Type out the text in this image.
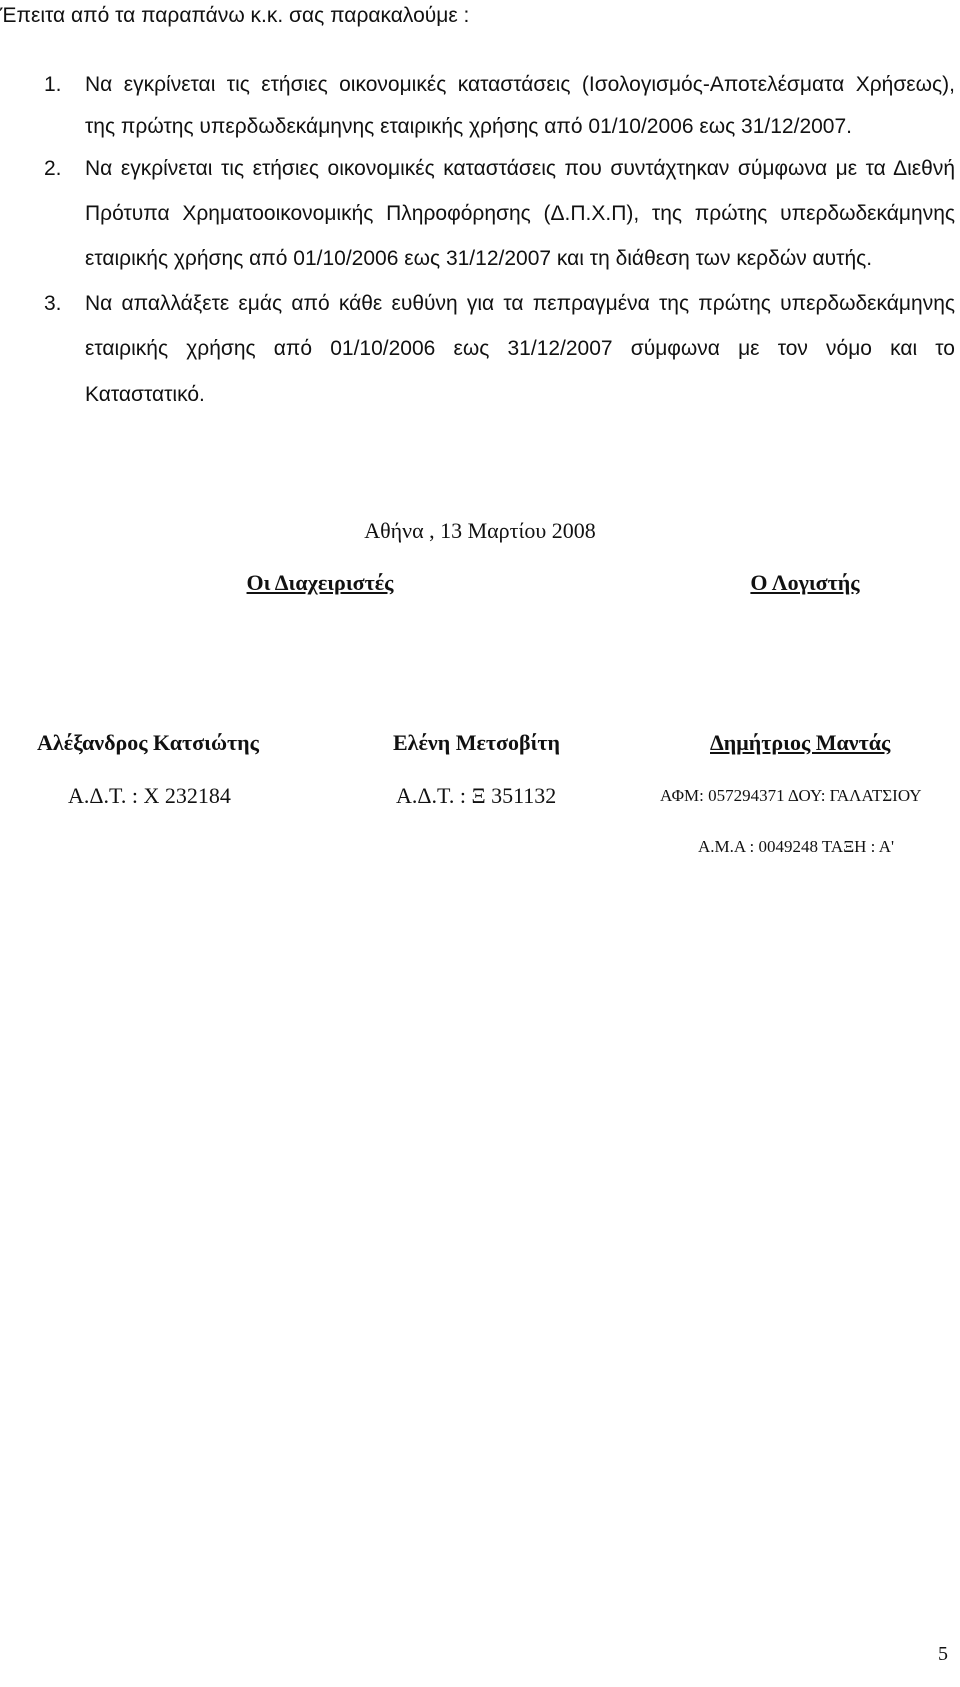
Έπειτα από τα παραπάνω κ.κ. σας παρακαλούμε :
1. Να εγκρίνεται τις ετήσιες οικονομικές καταστάσεις (Ισολογισμός-Αποτελέσματα Χρήσεως),
της πρώτης υπερδωδεκάμηνης εταιρικής χρήσης από 01/10/2006 εως 31/12/2007.
2. Να εγκρίνεται τις ετήσιες οικονομικές καταστάσεις που συντάχτηκαν σύμφωνα με τα Διεθνή
Πρότυπα Χρηματοοικονομικής Πληροφόρησης (Δ.Π.Χ.Π), της πρώτης υπερδωδεκάμηνης
εταιρικής χρήσης από 01/10/2006 εως 31/12/2007 και τη διάθεση των κερδών αυτής.
3. Να απαλλάξετε εμάς από κάθε ευθύνη για τα πεπραγμένα της πρώτης υπερδωδεκάμηνης
εταιρικής χρήσης από 01/10/2006 εως 31/12/2007 σύμφωνα με τον νόμο και το
Καταστατικό.
Αθήνα , 13 Μαρτίου 2008
Οι Διαχειριστές	Ο Λογιστής
Αλέξανδρος Κατσιώτης	Ελένη Μετσοβίτη	Δημήτριος Μαντάς
Α.Δ.Τ. : Χ 232184	Α.Δ.Τ. : Ξ 351132	ΑΦΜ: 057294371 ΔΟΥ: ΓΑΛΑΤΣΙΟΥ
Α.Μ.Α : 0049248 ΤΑΞΗ : Α'
5
